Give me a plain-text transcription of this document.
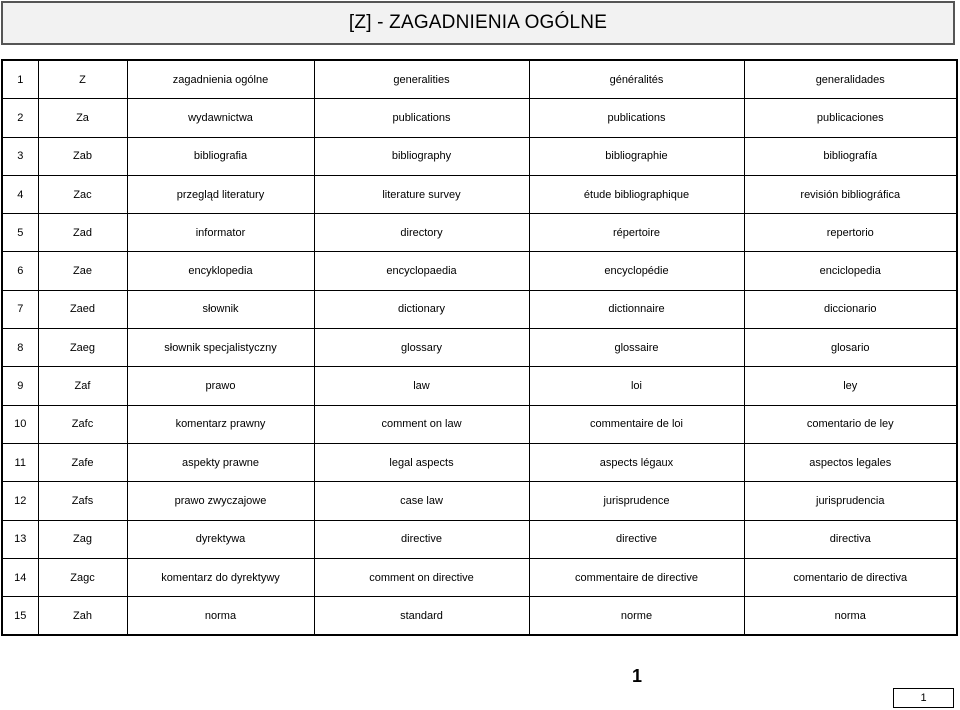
[Z] - ZAGADNIENIA OGÓLNE
1	Z	zagadnienia ogólne	generalities	généralités	generalidades
2	Za	wydawnictwa	publications	publications	publicaciones
3	Zab	bibliografia	bibliography	bibliographie	bibliografía
4	Zac	przegląd literatury	literature survey	étude bibliographique	revisión bibliográfica
5	Zad	informator	directory	répertoire	repertorio
6	Zae	encyklopedia	encyclopaedia	encyclopédie	enciclopedia
7	Zaed	słownik	dictionary	dictionnaire	diccionario
8	Zaeg	słownik specjalistyczny	glossary	glossaire	glosario
9	Zaf	prawo	law	loi	ley
10	Zafc	komentarz prawny	comment on law	commentaire de loi	comentario de ley
11	Zafe	aspekty prawne	legal aspects	aspects légaux	aspectos legales
12	Zafs	prawo zwyczajowe	case law	jurisprudence	jurisprudencia
13	Zag	dyrektywa	directive	directive	directiva
14	Zagc	komentarz do dyrektywy	comment on directive	commentaire de directive	comentario de directiva
15	Zah	norma	standard	norme	norma
1
1
